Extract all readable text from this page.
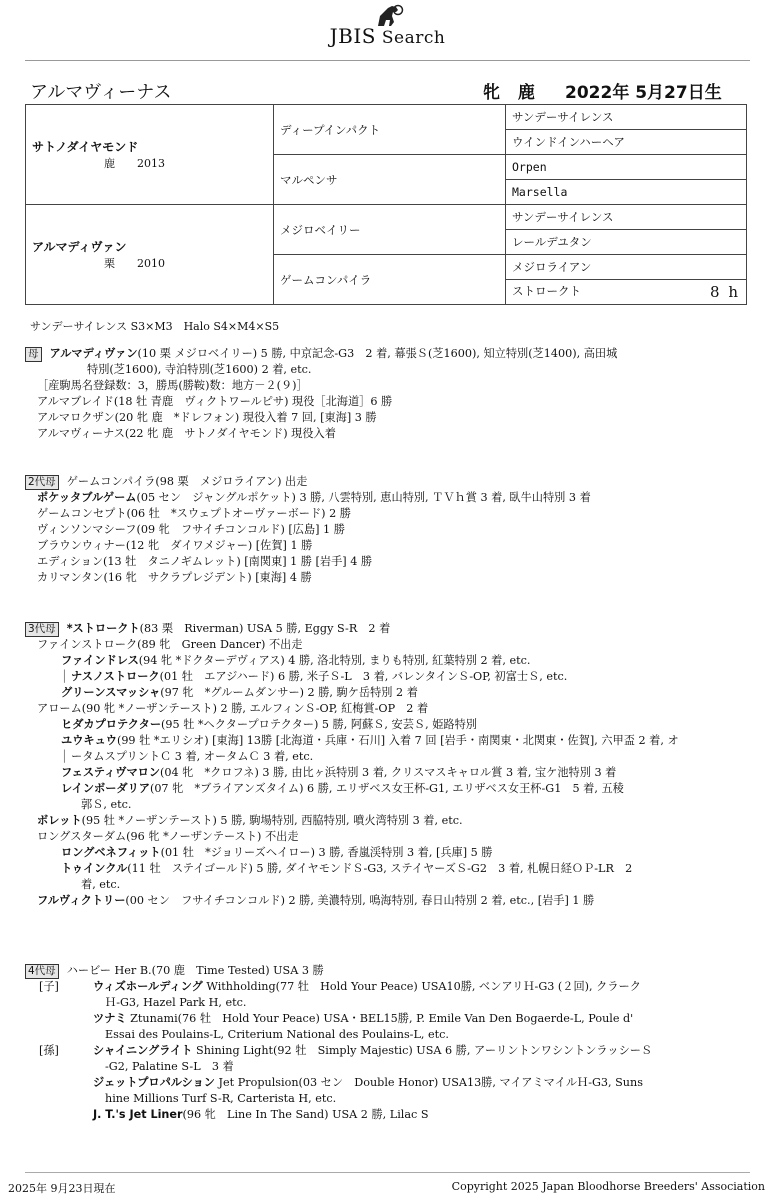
JBIS Search
アルマヴィーナス	牝 鹿 2022年 5月27日生
サトノダイヤモンド
鹿 2013	ディープインパクト	サンデーサイレンス
		ウインドインハーヘア
	マルペンサ	Orpen
		Marsella

アルマディヴァン
栗 2010	メジロベイリー	サンデーサイレンス
		レールデユタン
	ゲームコンパイラ	メジロライアン
		ストロークト 8 h
サンデーサイレンス S3×M3　Halo S4×M4×S5
母 アルマディヴァン(10 栗 メジロベイリー) 5 勝, 中京記念-G3　2 着, 幕張Ｓ(芝1600), 知立特別(芝1400), 高田城
特別(芝1600), 寺泊特別(芝1600) 2 着, etc.
［産駒馬名登録数：3，勝馬(勝鞍)数：地方－２(９)］
アルマブレイド(18 牡 青鹿　ヴィクトワールピサ) 現役［北海道］6 勝
アルマロクザン(20 牝 鹿　*ドレフォン) 現役入着 7 回, [東海] 3 勝
アルマヴィーナス(22 牝 鹿　サトノダイヤモンド) 現役入着
2代母 ゲームコンパイラ(98 栗　メジロライアン) 出走
ポケッタブルゲーム(05 セン　ジャングルポケット) 3 勝, 八雲特別, 恵山特別, ＴＶｈ賞 3 着, 臥牛山特別 3 着
ゲームコンセプト(06 牡　*スウェプトオーヴァーボード) 2 勝
ヴィンソンマシーフ(09 牝　フサイチコンコルド) [広島] 1 勝
ブラウンウィナー(12 牝　ダイワメジャー) [佐賀] 1 勝
エディション(13 牡　タニノギムレット) [南関東] 1 勝 [岩手] 4 勝
カリマンタン(16 牝　サクラプレジデント) [東海] 4 勝
3代母 *ストロークト(83 栗　Riverman) USA 5 勝, Eggy S-R　2 着
ファインストローク(89 牝　Green Dancer) 不出走
ファインドレス(94 牝 *ドクターデヴィアス) 4 勝, 洛北特別, まりも特別, 紅葉特別 2 着, etc.
│ ナスノストローク(01 牡　エアジハード) 6 勝, 米子Ｓ-L　3 着, バレンタインＳ-OP, 初富士Ｓ, etc.
グリーンスマッシャ(97 牝　*グルームダンサー) 2 勝, 駒ケ岳特別 2 着
アローム(90 牝 *ノーザンテースト) 2 勝, エルフィンＳ-OP, 紅梅賞-OP　2 着
ヒダカプロテクター(95 牡 *ヘクタープロテクター) 5 勝, 阿蘇Ｓ, 安芸Ｓ, 姫路特別
ユウキュウ(99 牡 *エリシオ) [東海] 13勝 [北海道・兵庫・石川] 入着 7 回 [岩手・南関東・北関東・佐賀], 六甲盃 2 着, オ
│ ータムスプリントＣ 3 着, オータムＣ 3 着, etc.
フェスティヴマロン(04 牝　*クロフネ) 3 勝, 由比ヶ浜特別 3 着, クリスマスキャロル賞 3 着, 宝ケ池特別 3 着
レインボーダリア(07 牝　*ブライアンズタイム) 6 勝, エリザベス女王杯-G1, エリザベス女王杯-G1　5 着, 五稜
郭Ｓ, etc.
ボレット(95 牡 *ノーザンテースト) 5 勝, 駒場特別, 西脇特別, 噴火湾特別 3 着, etc.
ロングスターダム(96 牝 *ノーザンテースト) 不出走
ロングベネフィット(01 牡　*ジョリーズヘイロー) 3 勝, 香嵐渓特別 3 着, [兵庫] 5 勝
トゥインクル(11 牡　ステイゴールド) 5 勝, ダイヤモンドＳ-G3, ステイヤーズＳ-G2　3 着, 札幌日経ＯＰ-LR　2
着, etc.
フルヴィクトリー(00 セン　フサイチコンコルド) 2 勝, 美濃特別, 鳴海特別, 春日山特別 2 着, etc., [岩手] 1 勝
4代母 ハービー Her B.(70 鹿　Time Tested) USA 3 勝
[子]	ウィズホールディング Withholding(77 牡　Hold Your Peace) USA10勝, ベンアリＨ-G3 (２回), クラーク
Ｈ-G3, Hazel Park H, etc.
ツナミ Ztunami(76 牡　Hold Your Peace) USA・BEL15勝, P. Emile Van Den Bogaerde-L, Poule d'
Essai des Poulains-L, Criterium National des Poulains-L, etc.
[孫]	シャイニングライト Shining Light(92 牡　Simply Majestic) USA 6 勝, アーリントンワシントンラッシーＳ
-G2, Palatine S-L　3 着
ジェットプロパルション Jet Propulsion(03 セン　Double Honor) USA13勝, マイアミマイルＨ-G3, Suns
hine Millions Turf S-R, Carterista H, etc.
J. T.'s Jet Liner(96 牝　Line In The Sand) USA 2 勝, Lilac S
2025年 9月23日現在	Copyright 2025 Japan Bloodhorse Breeders' Association
